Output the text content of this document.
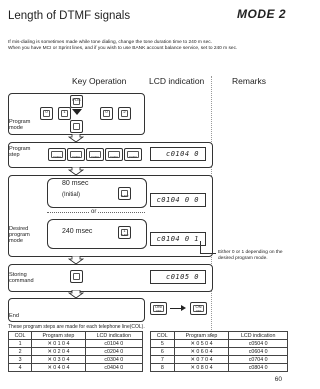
Length of DTMF signals	MODE 2
If mis-dialing is sometimes made while tone dialing, change the tone duration time to 240 m sec.
When you have MCI or Sprint lines, and if you wish to use BANK account balance service, set to 240 m sec.
Key Operation	LCD indication	Remarks
Program
mode
POS
0	1	0	2
Program
step	THRU	THRU	THRU	THRU	THRU	c0104 0
Desired
program
mode
80 msec
(Initial)	THRU
or
240 msec	1
THRU
c0104 0 0
c0104 0 1
Either 0 or 1 depending on the
desired program mode.
Storing
command
c0105 0
End
ON/
OFF
ON
OFF
These program steps are made for each telephone line(COL).
COL	Program step	LCD indication
1	✕ 0 1 0 4	c0104 0
2	✕ 0 2 0 4	c0204 0
3	✕ 0 3 0 4	c0304 0
4	✕ 0 4 0 4	c0404 0
COL	Program step	LCD indication
5	✕ 0 5 0 4	c0504 0
6	✕ 0 6 0 4	c0604 0
7	✕ 0 7 0 4	c0704 0
8	✕ 0 8 0 4	c0804 0
60
